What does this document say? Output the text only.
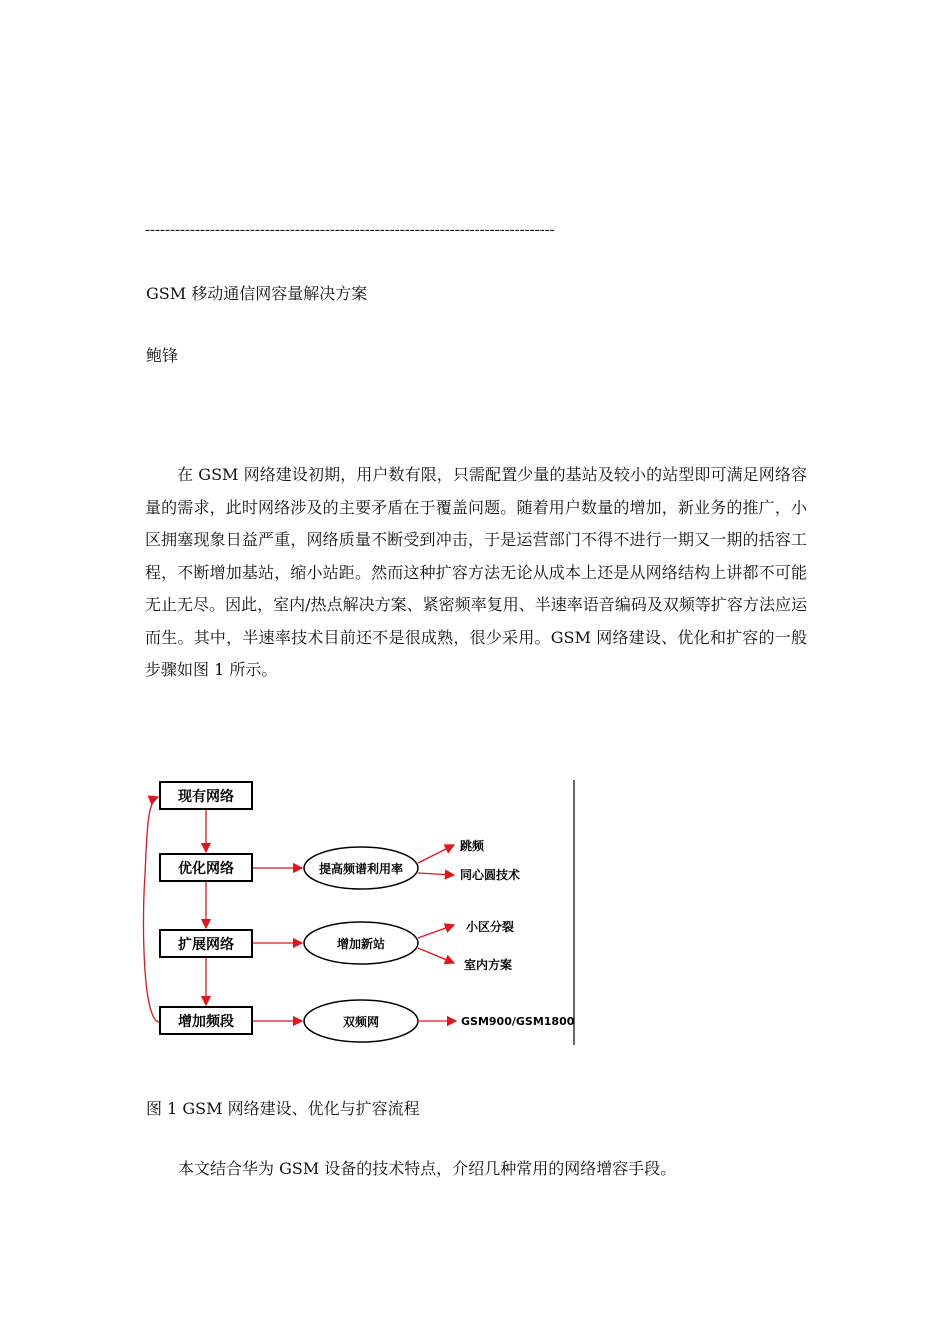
----------------------------------------------------------------------------------
GSM 移动通信网容量解决方案
鲍锋

在 GSM 网络建设初期，用户数有限，只需配置少量的基站及较小的站型即可满足网络容量的需求，此时网络涉及的主要矛盾在于覆盖问题。随着用户数量的增加，新业务的推广，小区拥塞现象日益严重，网络质量不断受到冲击，于是运营部门不得不进行一期又一期的括容工程，不断增加基站，缩小站距。然而这种扩容方法无论从成本上还是从网络结构上讲都不可能无止无尽。因此，室内/热点解决方案、紧密频率复用、半速率语音编码及双频等扩容方法应运而生。其中，半速率技术目前还不是很成熟，很少采用。GSM 网络建设、优化和扩容的一般步骤如图 1 所示。

现有网络
优化网络
扩展网络
增加频段
提高频谱利用率
增加新站
双频网
跳频
同心圆技术
小区分裂
室内方案
GSM900/GSM1800
图 1 GSM 网络建设、优化与扩容流程
本文结合华为 GSM 设备的技术特点，介绍几种常用的网络增容手段。
